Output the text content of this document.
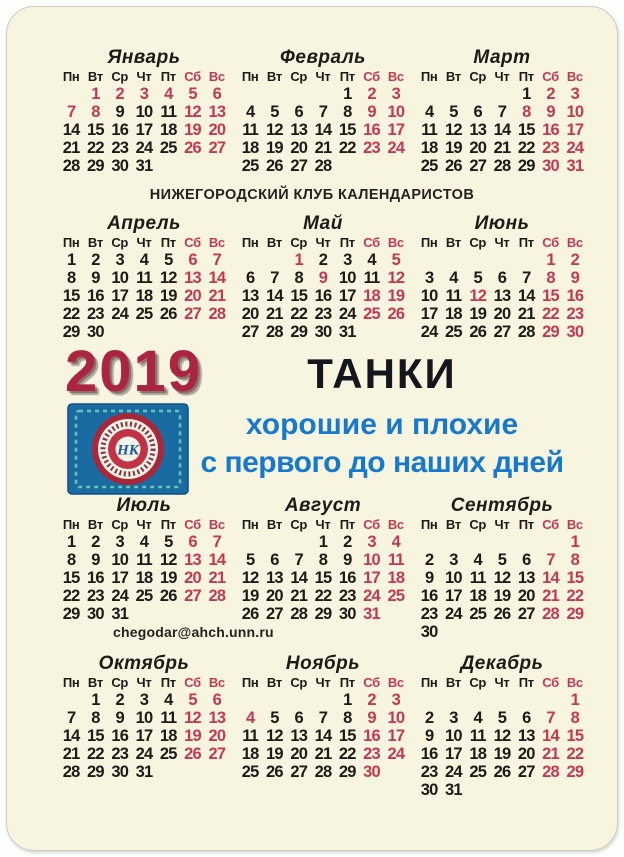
Январь
Пн Вт Ср Чт Пт Сб Вс
1 2 3 4 5 6
7 8 9 10 11 12 13
14 15 16 17 18 19 20
21 22 23 24 25 26 27
28 29 30 31
Февраль
Пн Вт Ср Чт Пт Сб Вс
1 2 3
4 5 6 7 8 9 10
11 12 13 14 15 16 17
18 19 20 21 22 23 24
25 26 27 28
Март
Пн Вт Ср Чт Пт Сб Вс
1 2 3
4 5 6 7 8 9 10
11 12 13 14 15 16 17
18 19 20 21 22 23 24
25 26 27 28 29 30 31
НИЖЕГОРОДСКИЙ КЛУБ КАЛЕНДАРИСТОВ
Апрель
Пн Вт Ср Чт Пт Сб Вс
1 2 3 4 5 6 7
8 9 10 11 12 13 14
15 16 17 18 19 20 21
22 23 24 25 26 27 28
29 30
Май
Пн Вт Ср Чт Пт Сб Вс
1 2 3 4 5
6 7 8 9 10 11 12
13 14 15 16 17 18 19
20 21 22 23 24 25 26
27 28 29 30 31
Июнь
Пн Вт Ср Чт Пт Сб Вс
1 2
3 4 5 6 7 8 9
10 11 12 13 14 15 16
17 18 19 20 21 22 23
24 25 26 27 28 29 30
2019
НК
ТАНКИ
хорошие и плохие
с первого до наших дней
Июль
Пн Вт Ср Чт Пт Сб Вс
1 2 3 4 5 6 7
8 9 10 11 12 13 14
15 16 17 18 19 20 21
22 23 24 25 26 27 28
29 30 31
Август
Пн Вт Ср Чт Пт Сб Вс
1 2 3 4
5 6 7 8 9 10 11
12 13 14 15 16 17 18
19 20 21 22 23 24 25
26 27 28 29 30 31
Сентябрь
Пн Вт Ср Чт Пт Сб Вс
1
2 3 4 5 6 7 8
9 10 11 12 13 14 15
16 17 18 19 20 21 22
23 24 25 26 27 28 29
30
chegodar@ahch.unn.ru
Октябрь
Пн Вт Ср Чт Пт Сб Вс
1 2 3 4 5 6
7 8 9 10 11 12 13
14 15 16 17 18 19 20
21 22 23 24 25 26 27
28 29 30 31
Ноябрь
Пн Вт Ср Чт Пт Сб Вс
1 2 3
4 5 6 7 8 9 10
11 12 13 14 15 16 17
18 19 20 21 22 23 24
25 26 27 28 29 30
Декабрь
Пн Вт Ср Чт Пт Сб Вс
1
2 3 4 5 6 7 8
9 10 11 12 13 14 15
16 17 18 19 20 21 22
23 24 25 26 27 28 29
30 31
